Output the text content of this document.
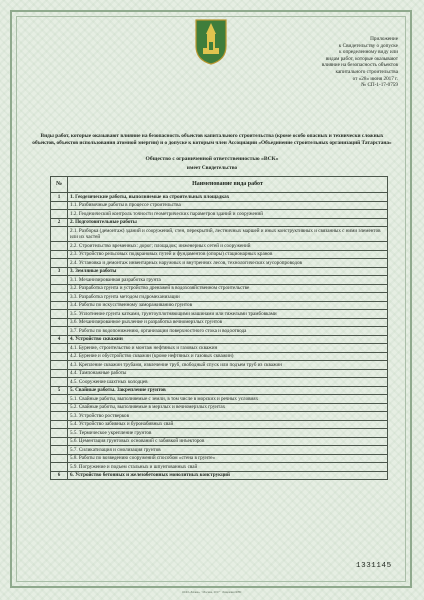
Приложение
к Свидетельству о допуске
к определенному виду или
видам работ, которые оказывают
влияние на безопасность объектов
капитального строительства
от «28» июня 2017 г.
№ СП-1-17-0759
Виды работ, которые оказывают влияние на безопасность объектов капитального строительства (кроме особо опасных и технически сложных объектов, объектов использования атомной энергии) и о допуске к которым член Ассоциации «Объединение строительных организаций Татарстана»
Общество с ограниченной ответственностью «ВСК»
имеет Свидетельство
№	Наименование вида работ
1	1. Геодезические работы, выполняемые на строительных площадках
	1.1. Разбивочные работы в процессе строительства
	1.2. Геодезический контроль точности геометрических параметров зданий и сооружений
2	2. Подготовительные работы
	2.1. Разборка (демонтаж) зданий и сооружений, стен, перекрытий, лестничных маршей и иных конструктивных и связанных с ними элементов или их частей
	2.2. Строительство временных: дорог; площадок; инженерных сетей и сооружений
	2.3. Устройство рельсовых подкрановых путей и фундаментов (опоры) стационарных кранов
	2.4. Установка и демонтаж инвентарных наружных и внутренних лесов, технологических мусоропроводов
3	3. Земляные работы
	3.1. Механизированная разработка грунта
	3.2. Разработка грунта и устройство дренажей в водохозяйственном строительстве
	3.3. Разработка грунта методом гидромеханизации
	3.4. Работы по искусственному замораживанию грунтов
	3.5. Уплотнение грунта катками, грунтоуплотняющими машинами или тяжелыми трамбовками
	3.6. Механизированное рыхление и разработка вечномерзлых грунтов
	3.7. Работы по водопонижению, организации поверхностного стока и водоотвода
4	4. Устройство скважин
	4.1. Бурение, строительство и монтаж нефтяных и газовых скважин
	4.2. Бурение и обустройство скважин (кроме нефтяных и газовых скважин)
	4.3. Крепление скважин трубами, извлечение труб, свободный спуск или подъем труб из скважин
	4.4. Тампонажные работы
	4.5. Сооружение шахтных колодцев
5	5. Свайные работы. Закрепление грунтов
	5.1. Свайные работы, выполняемые с земли, в том числе в морских и речных условиях
	5.2. Свайные работы, выполняемые в мерзлых и вечномерзлых грунтах
	5.3. Устройство ростверков
	5.4. Устройство забивных и буронабивных свай
	5.5. Термическое укрепление грунтов
	5.6. Цементация грунтовых оснований с забивкой инъекторов
	5.7. Силикатизация и смолизация грунтов
	5.8. Работы по возведению сооружений способом «стена в грунте»
	5.9. Погружение и подъем стальных и шпунтованных свай
6	6. Устройство бетонных и железобетонных монолитных конструкций
1331145
ООО «Бланк» · Москва, 2017 · Лицензия ФНС
